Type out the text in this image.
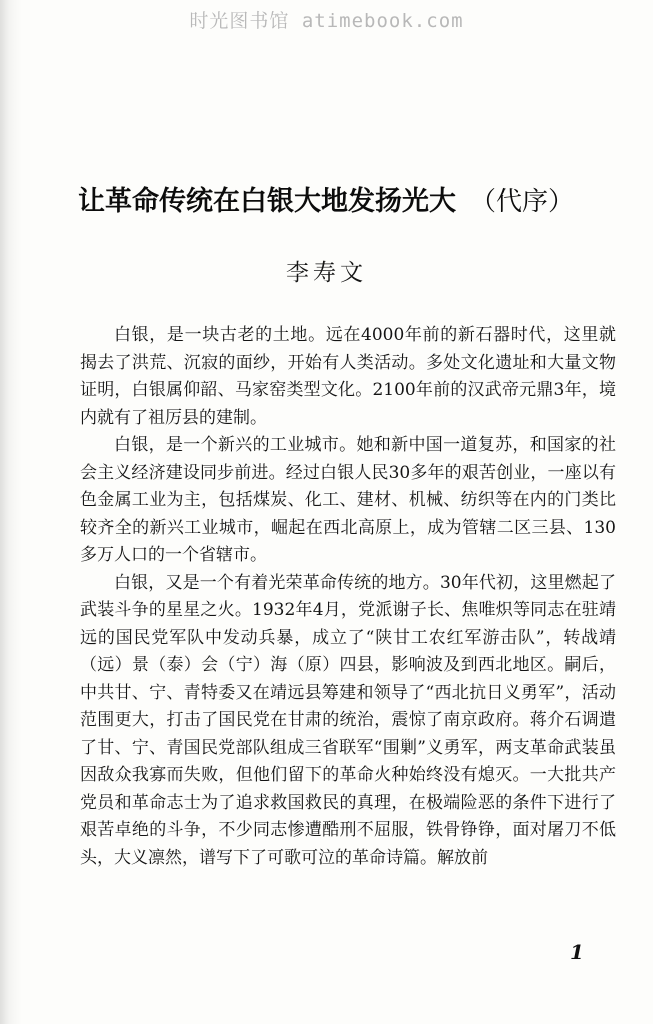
时光图书馆 atimebook.com
让革命传统在白银大地发扬光大 （代序）
李寿文

白银，是一块古老的土地。远在4000年前的新石器时代，这里就揭去了洪荒、沉寂的面纱，开始有人类活动。多处文化遗址和大量文物证明，白银属仰韶、马家窑类型文化。2100年前的汉武帝元鼎3年，境内就有了祖厉县的建制。

白银，是一个新兴的工业城市。她和新中国一道复苏，和国家的社会主义经济建设同步前进。经过白银人民30多年的艰苦创业，一座以有色金属工业为主，包括煤炭、化工、建材、机械、纺织等在内的门类比较齐全的新兴工业城市，崛起在西北高原上，成为管辖二区三县、130多万人口的一个省辖市。

白银，又是一个有着光荣革命传统的地方。30年代初，这里燃起了武装斗争的星星之火。1932年4月，党派谢子长、焦唯炽等同志在驻靖远的国民党军队中发动兵暴，成立了“陕甘工农红军游击队”，转战靖（远）景（泰）会（宁）海（原）四县，影响波及到西北地区。嗣后，中共甘、宁、青特委又在靖远县筹建和领导了“西北抗日义勇军”，活动范围更大，打击了国民党在甘肃的统治，震惊了南京政府。蒋介石调遣了甘、宁、青国民党部队组成三省联军“围剿”义勇军，两支革命武装虽因敌众我寡而失败，但他们留下的革命火种始终没有熄灭。一大批共产党员和革命志士为了追求救国救民的真理，在极端险恶的条件下进行了艰苦卓绝的斗争，不少同志惨遭酷刑不屈服，铁骨铮铮，面对屠刀不低头，大义凛然，谱写下了可歌可泣的革命诗篇。解放前

1
